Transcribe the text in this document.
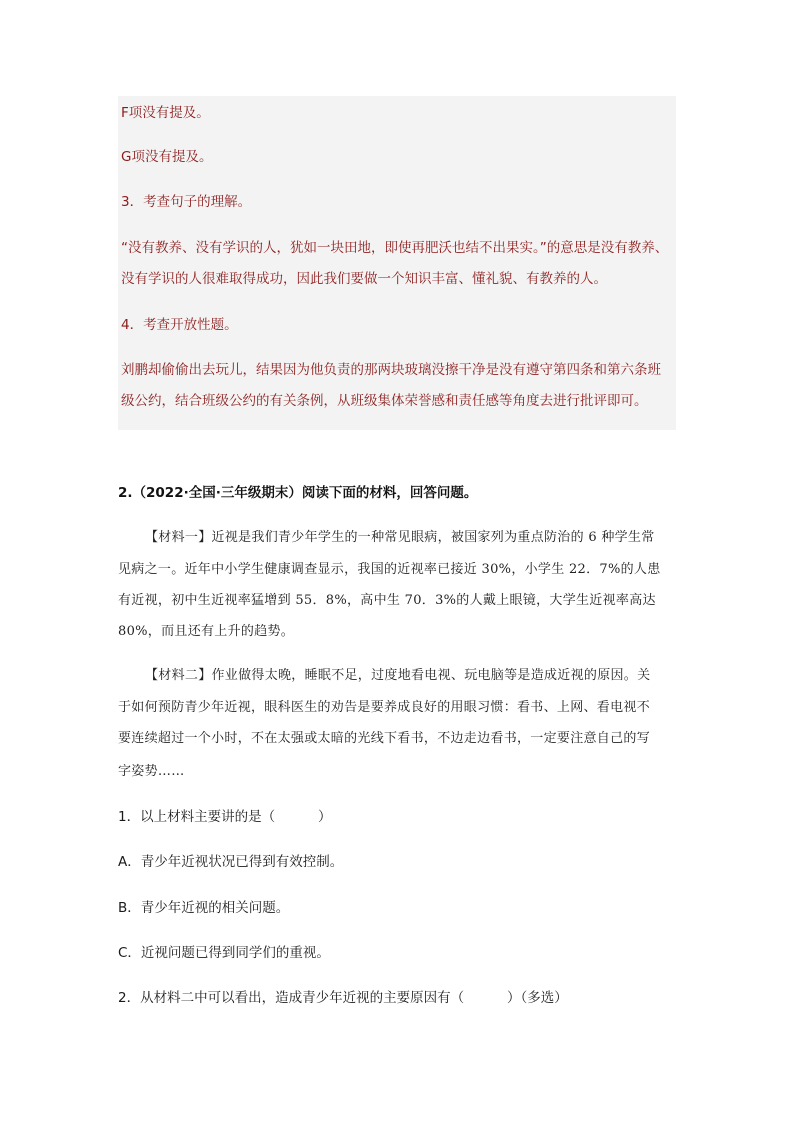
F项没有提及。
G项没有提及。
3．考查句子的理解。
“没有教养、没有学识的人，犹如一块田地，即使再肥沃也结不出果实。”的意思是没有教养、
没有学识的人很难取得成功，因此我们要做一个知识丰富、懂礼貌、有教养的人。
4．考查开放性题。
刘鹏却偷偷出去玩儿，结果因为他负责的那两块玻璃没擦干净是没有遵守第四条和第六条班
级公约，结合班级公约的有关条例，从班级集体荣誉感和责任感等角度去进行批评即可。
2.（2022·全国·三年级期末）阅读下面的材料，回答问题。
【材料一】近视是我们青少年学生的一种常见眼病，被国家列为重点防治的 6 种学生常
见病之一。近年中小学生健康调查显示，我国的近视率已接近 30%，小学生 22．7%的人患
有近视，初中生近视率猛增到 55．8%，高中生 70．3%的人戴上眼镜，大学生近视率高达
80%，而且还有上升的趋势。
【材料二】作业做得太晚，睡眠不足，过度地看电视、玩电脑等是造成近视的原因。关
于如何预防青少年近视，眼科医生的劝告是要养成良好的用眼习惯：看书、上网、看电视不
要连续超过一个小时，不在太强或太暗的光线下看书，不边走边看书，一定要注意自己的写
字姿势……
1．以上材料主要讲的是（          ）
A．青少年近视状况已得到有效控制。
B．青少年近视的相关问题。
C．近视问题已得到同学们的重视。
2．从材料二中可以看出，造成青少年近视的主要原因有（          ）（多选）
